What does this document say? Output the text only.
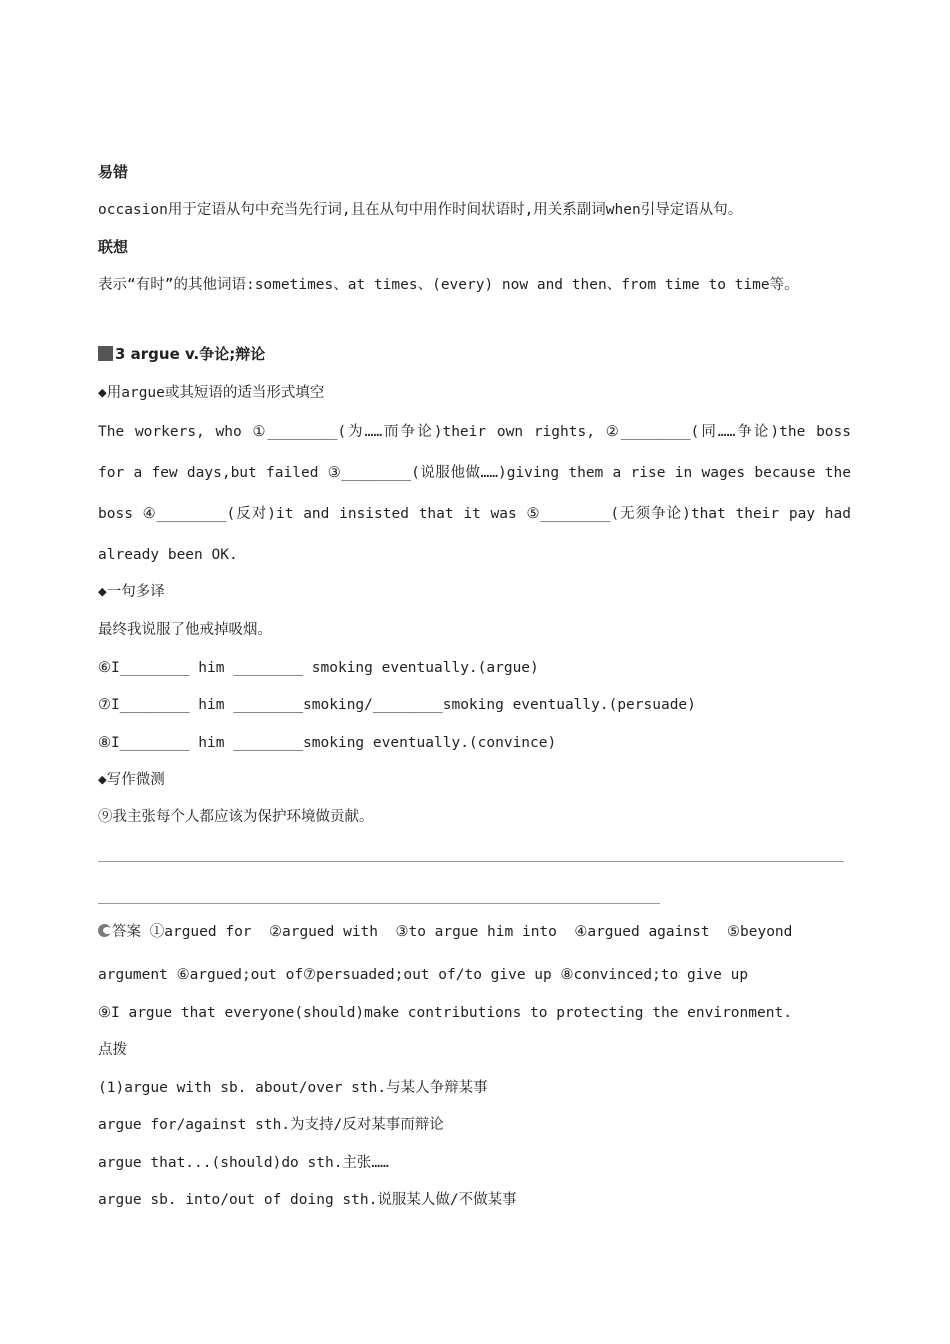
易错
occasion用于定语从句中充当先行词,且在从句中用作时间状语时,用关系副词when引导定语从句。
联想
表示“有时”的其他词语:sometimes、at times、(every) now and then、from time to time等。
3 argue v.争论;辩论
◆用argue或其短语的适当形式填空
The workers, who ①________(为……而争论)their own rights, ②________(同……争论)the boss
for a few days,but failed ③________(说服他做……)giving them a rise in wages because the
boss ④________(反对)it and insisted that it was ⑤________(无须争论)that their pay had
already been OK.
◆一句多译
最终我说服了他戒掉吸烟。
⑥I________ him ________ smoking eventually.(argue)
⑦I________ him ________smoking/________smoking eventually.(persuade)
⑧I________ him ________smoking eventually.(convince)
◆写作微测
⑨我主张每个人都应该为保护环境做贡献。
答案 ①argued for  ②argued with  ③to argue him into  ④argued against  ⑤beyond
argument ⑥argued;out of⑦persuaded;out of/to give up ⑧convinced;to give up
⑨I argue that everyone(should)make contributions to protecting the environment.
点拨
(1)argue with sb. about/over sth.与某人争辩某事
argue for/against sth.为支持/反对某事而辩论
argue that...(should)do sth.主张……
argue sb. into/out of doing sth.说服某人做/不做某事
